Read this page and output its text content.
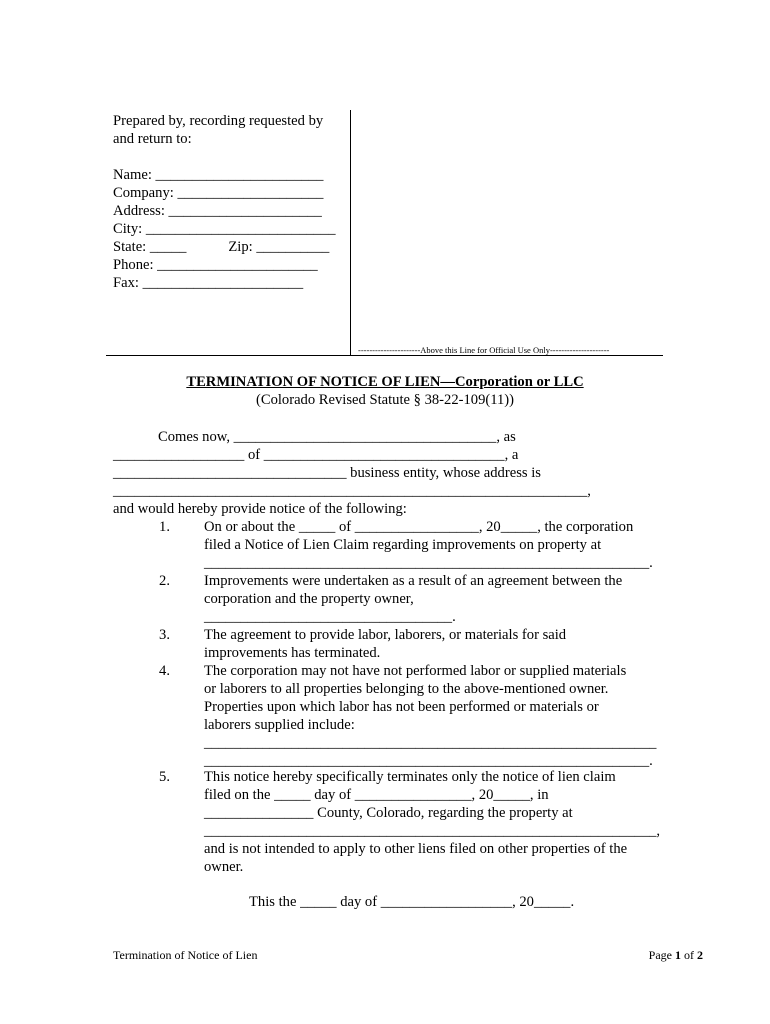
Prepared by, recording requested by
and return to:
Name: _______________________
Company: ____________________
Address: _____________________
City: __________________________
State: _____	Zip: __________
Phone: ______________________
Fax: ______________________
----------------------Above this Line for Official Use Only---------------------
TERMINATION OF NOTICE OF LIEN—Corporation or LLC
(Colorado Revised Statute § 38-22-109(11))
Comes now, ____________________________________, as
__________________ of _________________________________, a
________________________________ business entity, whose address is
_________________________________________________________________,
and would hereby provide notice of the following:
1. On or about the _____ of _________________, 20_____, the corporation
filed a Notice of Lien Claim regarding improvements on property at
_____________________________________________________________.
2. Improvements were undertaken as a result of an agreement between the
corporation and the property owner,
__________________________________.
3. The agreement to provide labor, laborers, or materials for said
improvements has terminated.
4. The corporation may not have not performed labor or supplied materials
or laborers to all properties belonging to the above-mentioned owner.
Properties upon which labor has not been performed or materials or
laborers supplied include:
______________________________________________________________
_____________________________________________________________.
5. This notice hereby specifically terminates only the notice of lien claim
filed on the _____ day of ________________, 20_____, in
_______________ County, Colorado, regarding the property at
______________________________________________________________,
and is not intended to apply to other liens filed on other properties of the
owner.
This the _____ day of __________________, 20_____.
Termination of Notice of Lien	Page 1 of 2
